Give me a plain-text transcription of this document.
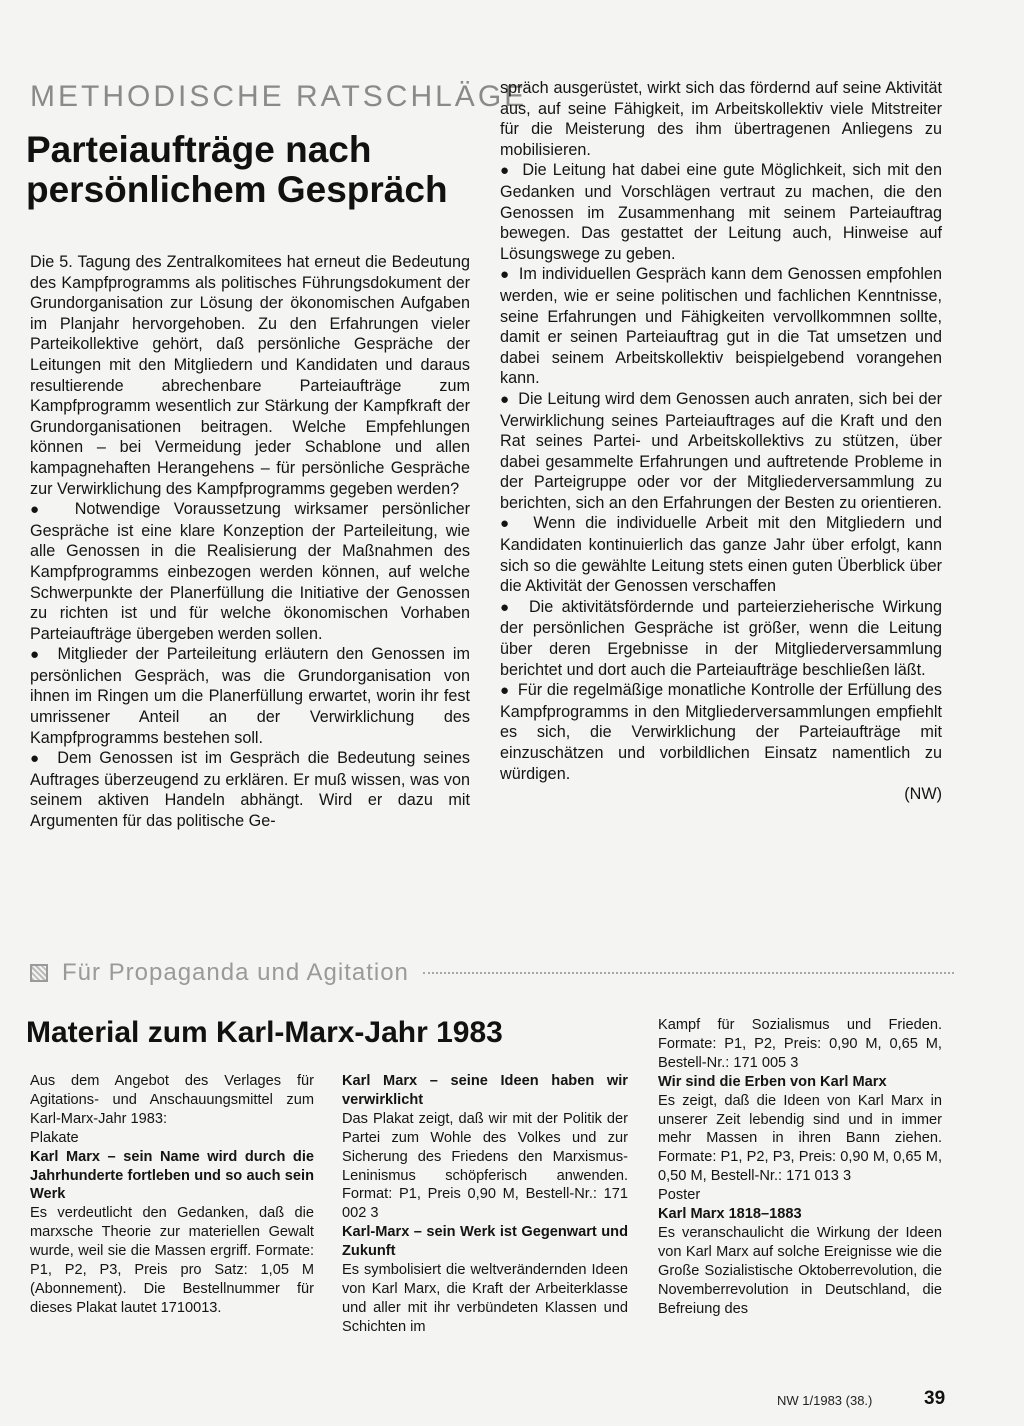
METHODISCHE RATSCHLÄGE
Parteiaufträge nach persönlichem Gespräch

Die 5. Tagung des Zentralkomitees hat erneut die Bedeutung des Kampfprogramms als politisches Führungsdokument der Grundorganisation zur Lösung der ökonomischen Aufgaben im Planjahr hervorgehoben. Zu den Erfahrungen vieler Parteikollektive gehört, daß persönliche Gespräche der Leitungen mit den Mitgliedern und Kandidaten und daraus resultierende abrechenbare Parteiaufträge zum Kampfprogramm wesentlich zur Stärkung der Kampfkraft der Grundorganisationen beitragen. Welche Empfehlungen können – bei Vermeidung jeder Schablone und allen kampagnehaften Herangehens – für persönliche Gespräche zur Verwirklichung des Kampfprogramms gegeben werden?

●  Notwendige Voraussetzung wirksamer persönlicher Gespräche ist eine klare Konzeption der Parteileitung, wie alle Genossen in die Realisierung der Maßnahmen des Kampfprogramms einbezogen werden können, auf welche Schwerpunkte der Planerfüllung die Initiative der Genossen zu richten ist und für welche ökonomischen Vorhaben Parteiaufträge übergeben werden sollen.

●  Mitglieder der Parteileitung erläutern den Genossen im persönlichen Gespräch, was die Grundorganisation von ihnen im Ringen um die Planerfüllung erwartet, worin ihr fest umrissener Anteil an der Verwirklichung des Kampfprogramms bestehen soll.

●  Dem Genossen ist im Gespräch die Bedeutung seines Auftrages überzeugend zu erklären. Er muß wissen, was von seinem aktiven Handeln abhängt. Wird er dazu mit Argumenten für das politische Ge-

spräch ausgerüstet, wirkt sich das fördernd auf seine Aktivität aus, auf seine Fähigkeit, im Arbeitskollektiv viele Mitstreiter für die Meisterung des ihm übertragenen Anliegens zu mobilisieren.

●  Die Leitung hat dabei eine gute Möglichkeit, sich mit den Gedanken und Vorschlägen vertraut zu machen, die den Genossen im Zusammenhang mit seinem Parteiauftrag bewegen. Das gestattet der Leitung auch, Hinweise auf Lösungswege zu geben.

●  Im individuellen Gespräch kann dem Genossen empfohlen werden, wie er seine politischen und fachlichen Kenntnisse, seine Erfahrungen und Fähigkeiten vervollkommnen sollte, damit er seinen Parteiauftrag gut in die Tat umsetzen und dabei seinem Arbeitskollektiv beispielgebend vorangehen kann.

●  Die Leitung wird dem Genossen auch anraten, sich bei der Verwirklichung seines Parteiauftrages auf die Kraft und den Rat seines Partei- und Arbeitskollektivs zu stützen, über dabei gesammelte Erfahrungen und auftretende Probleme in der Parteigruppe oder vor der Mitgliederversammlung zu berichten, sich an den Erfahrungen der Besten zu orientieren.

●  Wenn die individuelle Arbeit mit den Mitgliedern und Kandidaten kontinuierlich das ganze Jahr über erfolgt, kann sich so die gewählte Leitung stets einen guten Überblick über die Aktivität der Genossen verschaffen

●  Die aktivitätsfördernde und parteierzieherische Wirkung der persönlichen Gespräche ist größer, wenn die Leitung über deren Ergebnisse in der Mitgliederversammlung berichtet und dort auch die Parteiaufträge beschließen läßt.

●  Für die regelmäßige monatliche Kontrolle der Erfüllung des Kampfprogramms in den Mitgliederversammlungen empfiehlt es sich, die Verwirklichung der Parteiaufträge mit einzuschätzen und vorbildlichen Einsatz namentlich zu würdigen.

(NW)

Für Propaganda und Agitation
Material zum Karl-Marx-Jahr 1983

Aus dem Angebot des Verlages für Agitations- und Anschauungsmittel zum Karl-Marx-Jahr 1983:

Plakate

Karl Marx – sein Name wird durch die Jahrhunderte fortleben und so auch sein Werk

Es verdeutlicht den Gedanken, daß die marxsche Theorie zur materiellen Gewalt wurde, weil sie die Massen ergriff. Formate: P1, P2, P3, Preis pro Satz: 1,05 M (Abonnement). Die Bestellnummer für dieses Plakat lautet 1710013.

Karl Marx – seine Ideen haben wir verwirklicht

Das Plakat zeigt, daß wir mit der Politik der Partei zum Wohle des Volkes und zur Sicherung des Friedens den Marxismus-Leninismus schöpferisch anwenden. Format: P1, Preis 0,90 M, Bestell-Nr.: 171 002 3

Karl-Marx – sein Werk ist Gegenwart und Zukunft

Es symbolisiert die weltverändernden Ideen von Karl Marx, die Kraft der Arbeiterklasse und aller mit ihr verbündeten Klassen und Schichten im

Kampf für Sozialismus und Frieden. Formate: P1, P2, Preis: 0,90 M, 0,65 M, Bestell-Nr.: 171 005 3

Wir sind die Erben von Karl Marx

Es zeigt, daß die Ideen von Karl Marx in unserer Zeit lebendig sind und in immer mehr Massen in ihren Bann ziehen. Formate: P1, P2, P3, Preis: 0,90 M, 0,65 M, 0,50 M, Bestell-Nr.: 171 013 3

Poster

Karl Marx 1818–1883

Es veranschaulicht die Wirkung der Ideen von Karl Marx auf solche Ereignisse wie die Große Sozialistische Oktoberrevolution, die Novemberrevolution in Deutschland, die Befreiung des

NW 1/1983 (38.)	39
